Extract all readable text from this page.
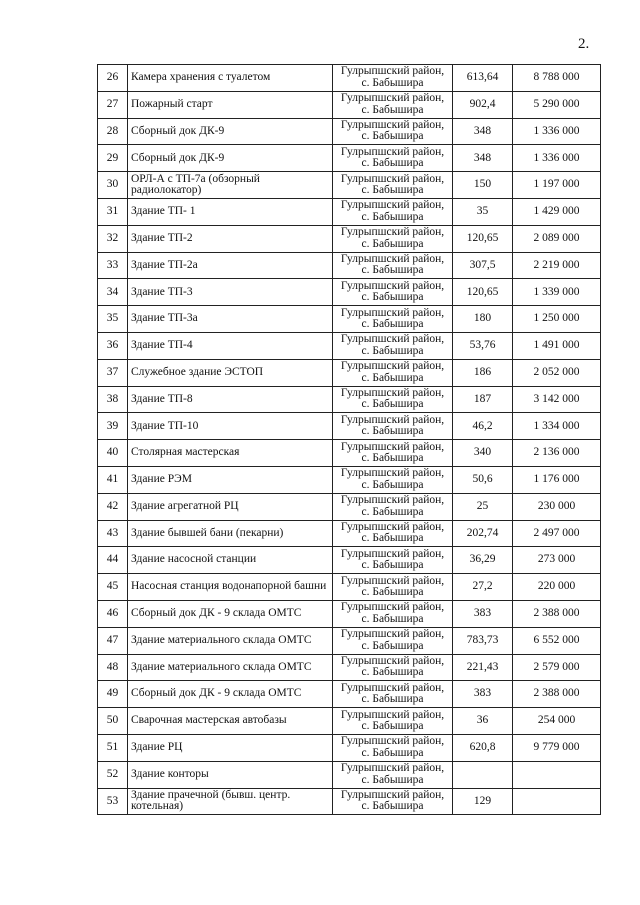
2.
26	Камера хранения с туалетом	Гулрыпшский район,
с. Бабышира	613,64	8 788 000
27	Пожарный старт	Гулрыпшский район,
с. Бабышира	902,4	5 290 000
28	Сборный док ДК-9	Гулрыпшский район,
с. Бабышира	348	1 336 000
29	Сборный док ДК-9	Гулрыпшский район,
с. Бабышира	348	1 336 000
30	ОРЛ-А с ТП-7а (обзорный радиолокатор)	Гулрыпшский район,
с. Бабышира	150	1 197 000
31	Здание ТП- 1	Гулрыпшский район,
с. Бабышира	35	1 429 000
32	Здание ТП-2	Гулрыпшский район,
с. Бабышира	120,65	2 089 000
33	Здание ТП-2а	Гулрыпшский район,
с. Бабышира	307,5	2 219 000
34	Здание ТП-3	Гулрыпшский район,
с. Бабышира	120,65	1 339 000
35	Здание ТП-3а	Гулрыпшский район,
с. Бабышира	180	1 250 000
36	Здание ТП-4	Гулрыпшский район,
с. Бабышира	53,76	1 491 000
37	Служебное здание ЭСТОП	Гулрыпшский район,
с. Бабышира	186	2 052 000
38	Здание ТП-8	Гулрыпшский район,
с. Бабышира	187	3 142 000
39	Здание ТП-10	Гулрыпшский район,
с. Бабышира	46,2	1 334 000
40	Столярная мастерская	Гулрыпшский район,
с. Бабышира	340	2 136 000
41	Здание РЭМ	Гулрыпшский район,
с. Бабышира	50,6	1 176 000
42	Здание агрегатной РЦ	Гулрыпшский район,
с. Бабышира	25	230 000
43	Здание бывшей бани (пекарни)	Гулрыпшский район,
с. Бабышира	202,74	2 497 000
44	Здание насосной станции	Гулрыпшский район,
с. Бабышира	36,29	273 000
45	Насосная станция водонапорной башни	Гулрыпшский район,
с. Бабышира	27,2	220 000
46	Сборный док ДК - 9 склада ОМТС	Гулрыпшский район,
с. Бабышира	383	2 388 000
47	Здание материального склада ОМТС	Гулрыпшский район,
с. Бабышира	783,73	6 552 000
48	Здание материального склада ОМТС	Гулрыпшский район,
с. Бабышира	221,43	2 579 000
49	Сборный док ДК - 9 склада ОМТС	Гулрыпшский район,
с. Бабышира	383	2 388 000
50	Сварочная мастерская автобазы	Гулрыпшский район,
с. Бабышира	36	254 000
51	Здание РЦ	Гулрыпшский район,
с. Бабышира	620,8	9 779 000
52	Здание конторы	Гулрыпшский район,
с. Бабышира		

53	Здание прачечной (бывш. центр. котельная)	Гулрыпшский район,
с. Бабышира	129	
